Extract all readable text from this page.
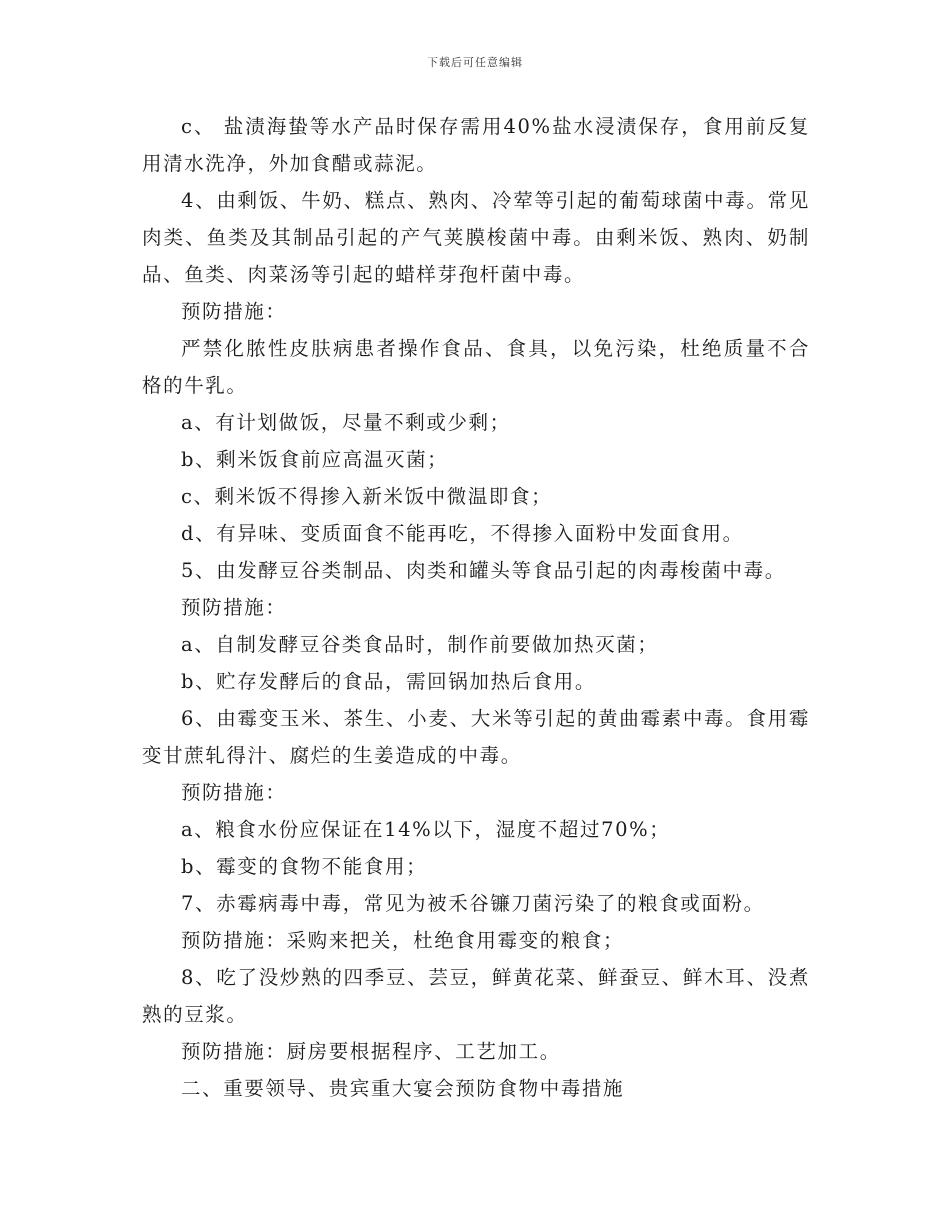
下载后可任意编辑

c、 盐渍海蛰等水产品时保存需用40%盐水浸渍保存，食用前反复用清水洗净，外加食醋或蒜泥。

4、由剩饭、牛奶、糕点、熟肉、冷荤等引起的葡萄球菌中毒。常见肉类、鱼类及其制品引起的产气荚膜梭菌中毒。由剩米饭、熟肉、奶制品、鱼类、肉菜汤等引起的蜡样芽孢杆菌中毒。

预防措施：

严禁化脓性皮肤病患者操作食品、食具，以免污染，杜绝质量不合格的牛乳。

a、有计划做饭，尽量不剩或少剩；

b、剩米饭食前应高温灭菌；

c、剩米饭不得掺入新米饭中微温即食；

d、有异味、变质面食不能再吃，不得掺入面粉中发面食用。

5、由发酵豆谷类制品、肉类和罐头等食品引起的肉毒梭菌中毒。

预防措施：

a、自制发酵豆谷类食品时，制作前要做加热灭菌；

b、贮存发酵后的食品，需回锅加热后食用。

6、由霉变玉米、茶生、小麦、大米等引起的黄曲霉素中毒。食用霉变甘蔗轧得汁、腐烂的生姜造成的中毒。

预防措施：

a、粮食水份应保证在14%以下，湿度不超过70%；

b、霉变的食物不能食用；

7、赤霉病毒中毒，常见为被禾谷镰刀菌污染了的粮食或面粉。

预防措施：采购来把关，杜绝食用霉变的粮食；

8、吃了没炒熟的四季豆、芸豆，鲜黄花菜、鲜蚕豆、鲜木耳、没煮熟的豆浆。

预防措施：厨房要根据程序、工艺加工。

二、重要领导、贵宾重大宴会预防食物中毒措施
